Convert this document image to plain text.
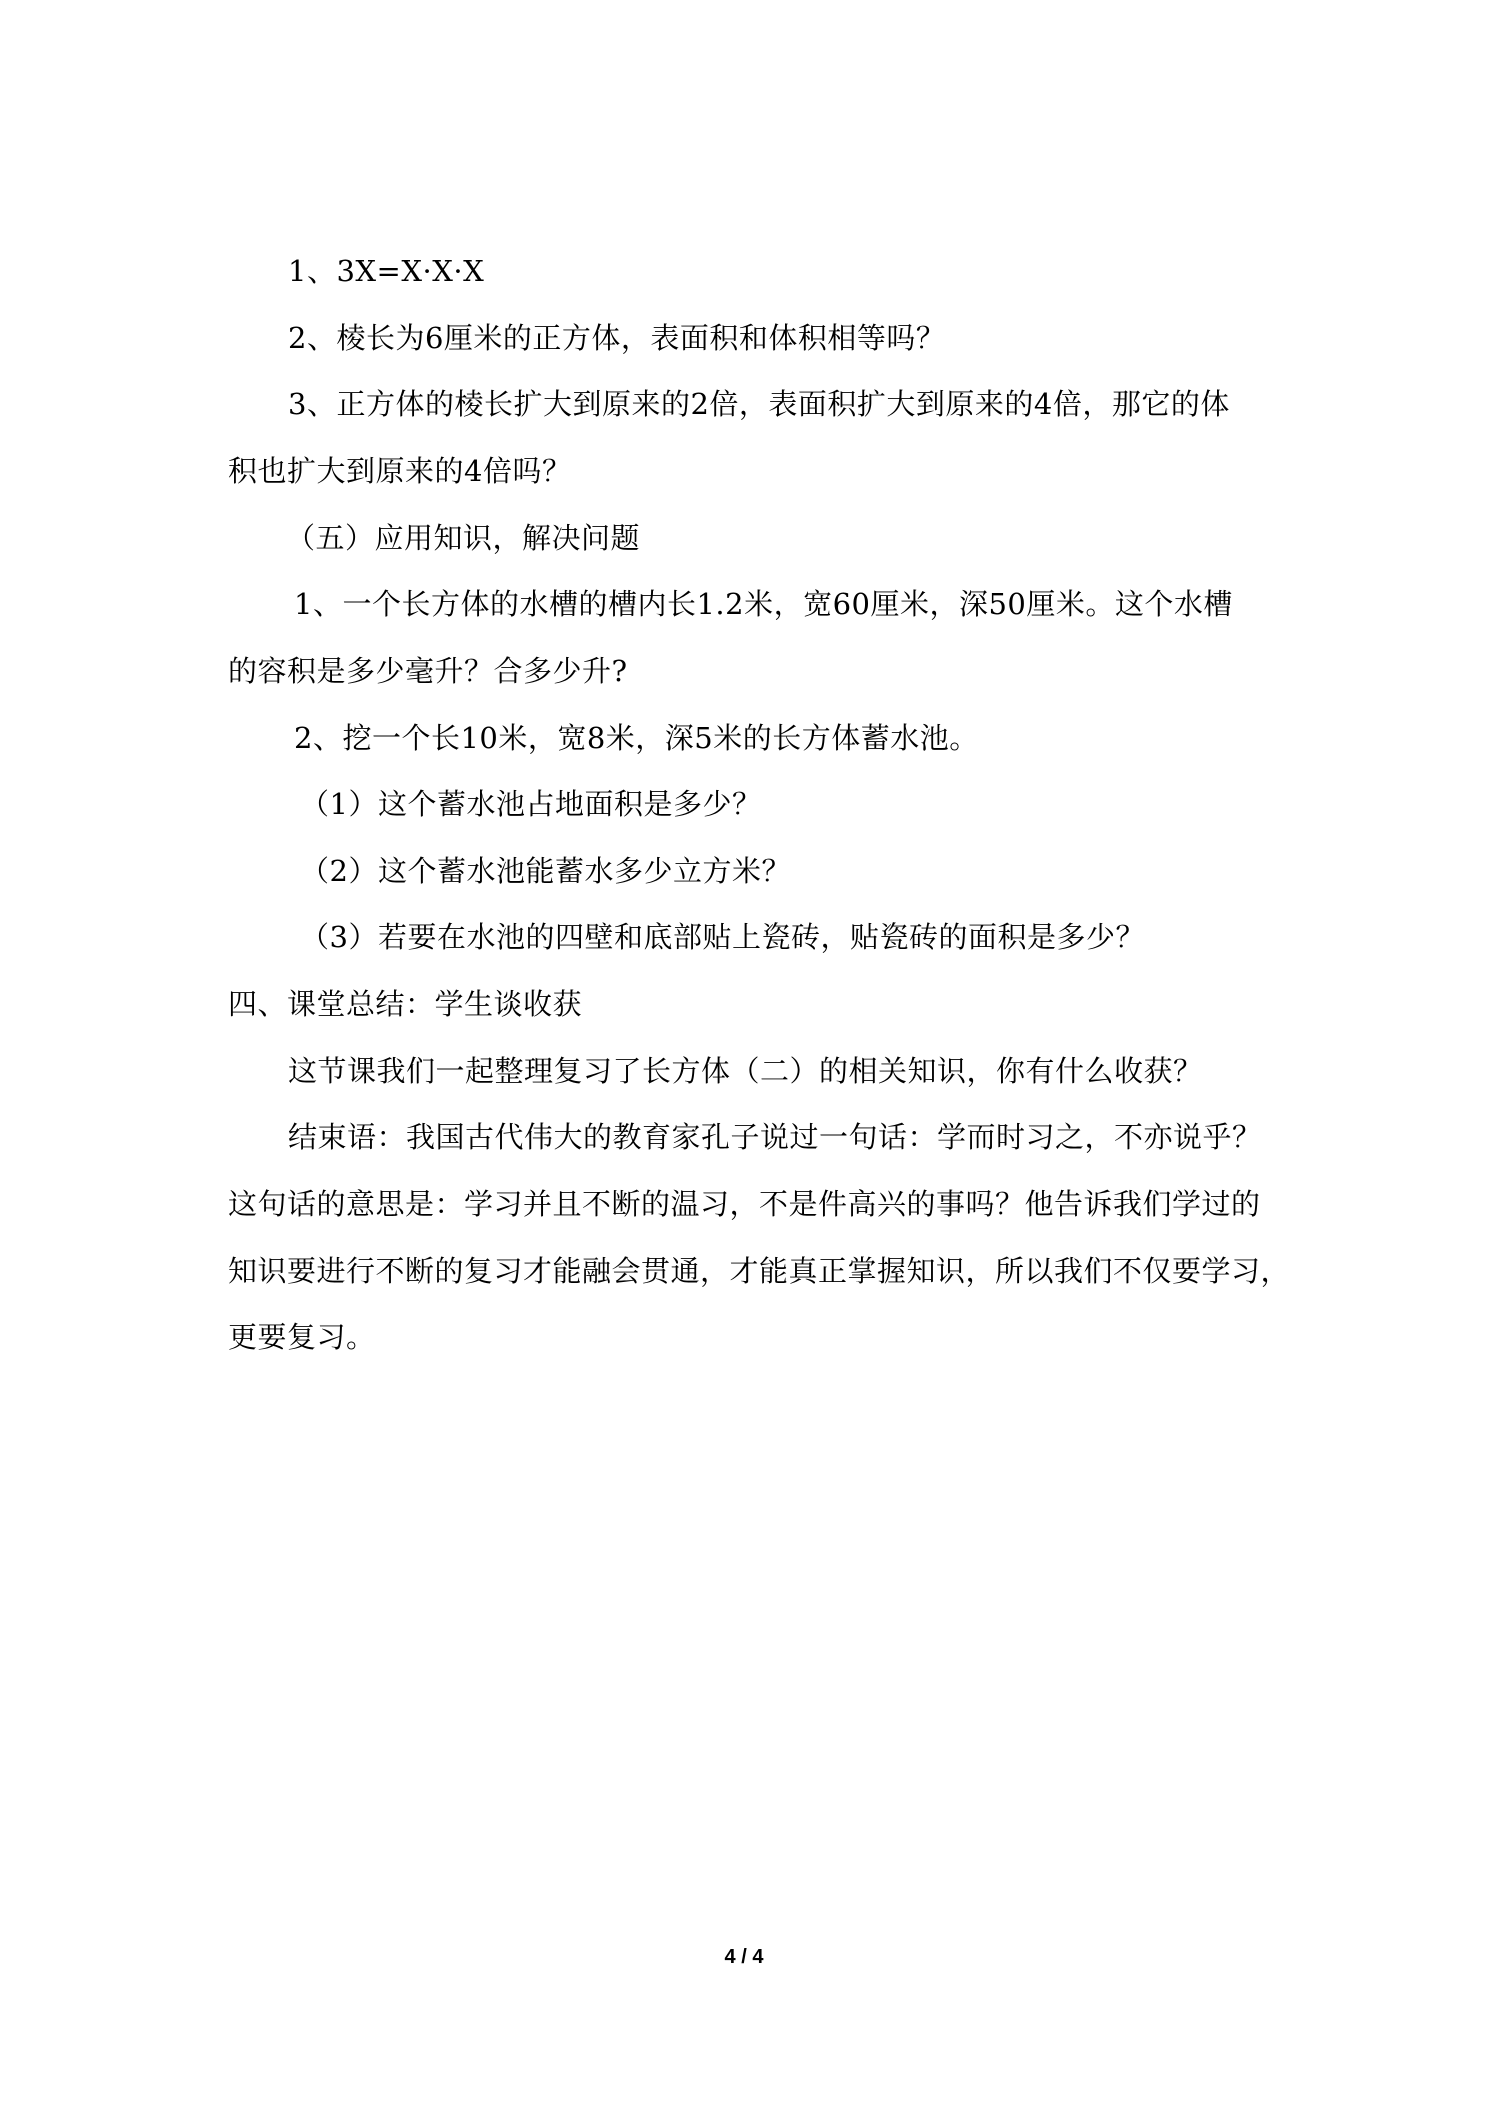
1、3X=X·X·X
2、棱长为6厘米的正方体，表面积和体积相等吗？
3、正方体的棱长扩大到原来的2倍，表面积扩大到原来的4倍，那它的体
积也扩大到原来的4倍吗？
（五）应用知识，解决问题
1、一个长方体的水槽的槽内长1.2米，宽60厘米，深50厘米。这个水槽
的容积是多少毫升？合多少升?
2、挖一个长10米，宽8米，深5米的长方体蓄水池。
（1）这个蓄水池占地面积是多少？
（2）这个蓄水池能蓄水多少立方米？
（3）若要在水池的四壁和底部贴上瓷砖，贴瓷砖的面积是多少？
四、课堂总结：学生谈收获
这节课我们一起整理复习了长方体（二）的相关知识，你有什么收获？
结束语：我国古代伟大的教育家孔子说过一句话：学而时习之，不亦说乎？
这句话的意思是：学习并且不断的温习，不是件高兴的事吗？他告诉我们学过的
知识要进行不断的复习才能融会贯通，才能真正掌握知识，所以我们不仅要学习，
更要复习。
4 / 4
